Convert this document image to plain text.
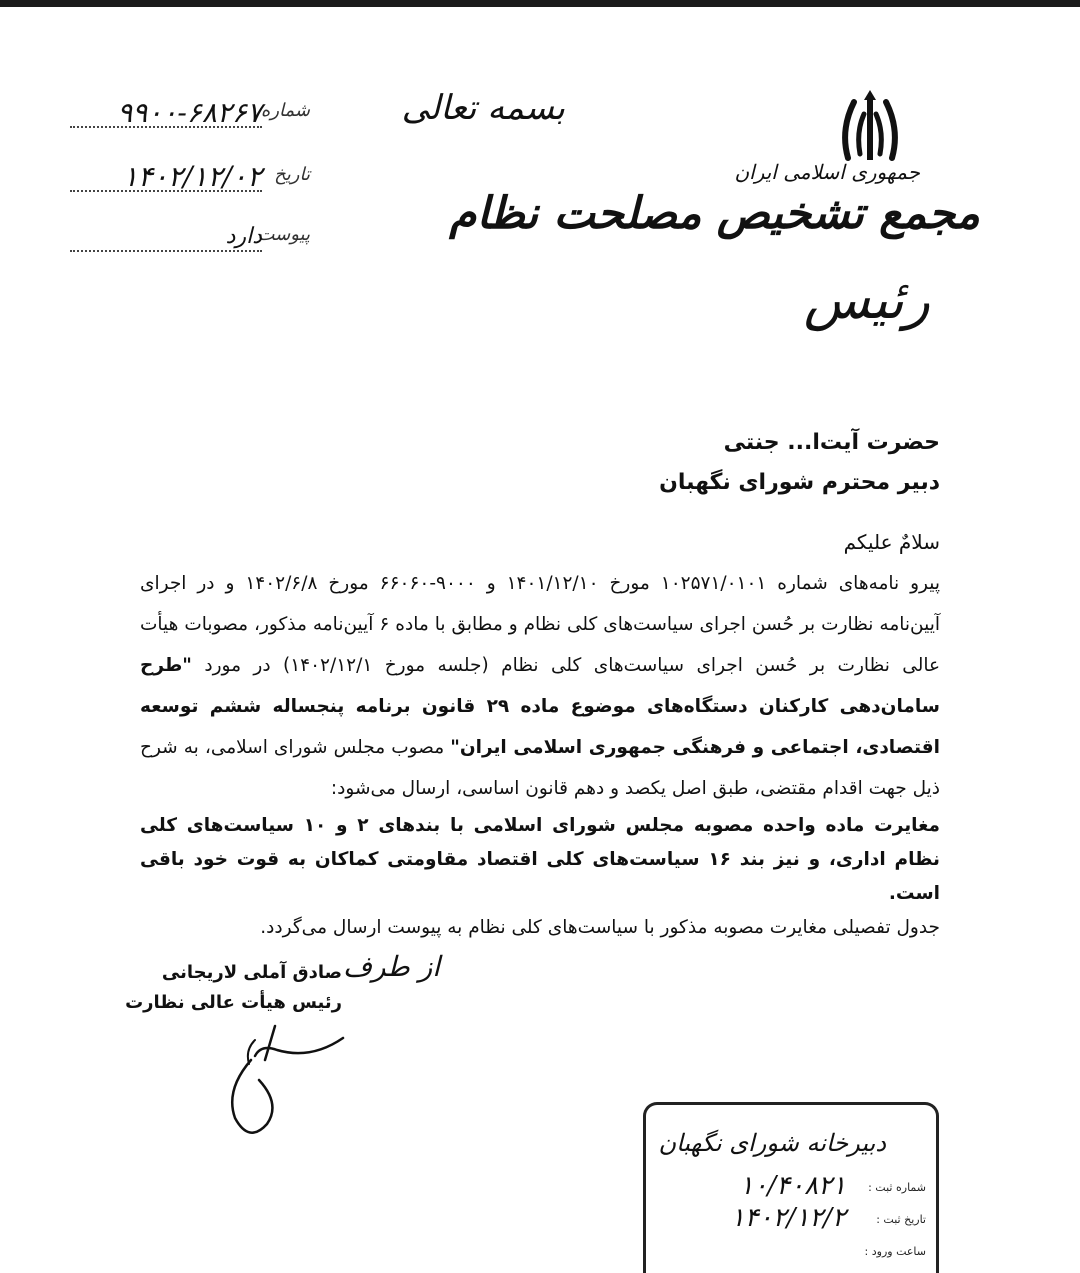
جمهوری اسلامی ایران
مجمع تشخیص مصلحت نظام
رئیس
بسمه تعالی
شماره
۹۹۰۰-۶۸۲۶۷
تاریخ
۱۴۰۲/۱۲/۰۲
پیوست
دارد
حضرت آیت‌ا... جنتی
دبیر محترم شورای نگهبان
سلامٌ علیکم

پیرو نامه‌های شماره ۱۰۲۵۷۱/۰۱۰۱ مورخ ۱۴۰۱/۱۲/۱۰ و ۹۰۰۰-۶۶۰۶۰ مورخ ۱۴۰۲/۶/۸ و در اجرای آیین‌نامه نظارت بر حُسن اجرای سیاست‌های کلی نظام و مطابق با ماده ۶ آیین‌نامه مذکور، مصوبات هیأت عالی نظارت بر حُسن اجرای سیاست‌های کلی نظام (جلسه مورخ ۱۴۰۲/۱۲/۱) در مورد "طرح سامان‌دهی کارکنان دستگاه‌های موضوع ماده ۲۹ قانون برنامه پنجساله ششم توسعه اقتصادی، اجتماعی و فرهنگی جمهوری اسلامی ایران" مصوب مجلس شورای اسلامی، به شرح ذیل جهت اقدام مقتضی، طبق اصل یکصد و دهم قانون اساسی، ارسال می‌شود:

مغایرت ماده واحده مصوبه مجلس شورای اسلامی با بندهای ۲ و ۱۰ سیاست‌های کلی نظام اداری، و نیز بند ۱۶ سیاست‌های کلی اقتصاد مقاومتی کماکان به قوت خود باقی است.

جدول تفصیلی مغایرت مصوبه مذکور با سیاست‌های کلی نظام به پیوست ارسال می‌گردد.

از طرف
صادق آملی لاریجانی
رئیس هیأت عالی نظارت
دبیرخانه شورای نگهبان
شماره ثبت :
۱۰/۴۰۸۲۱
تاریخ ثبت :
۱۴۰۲/۱۲/۲
ساعت ورود :
